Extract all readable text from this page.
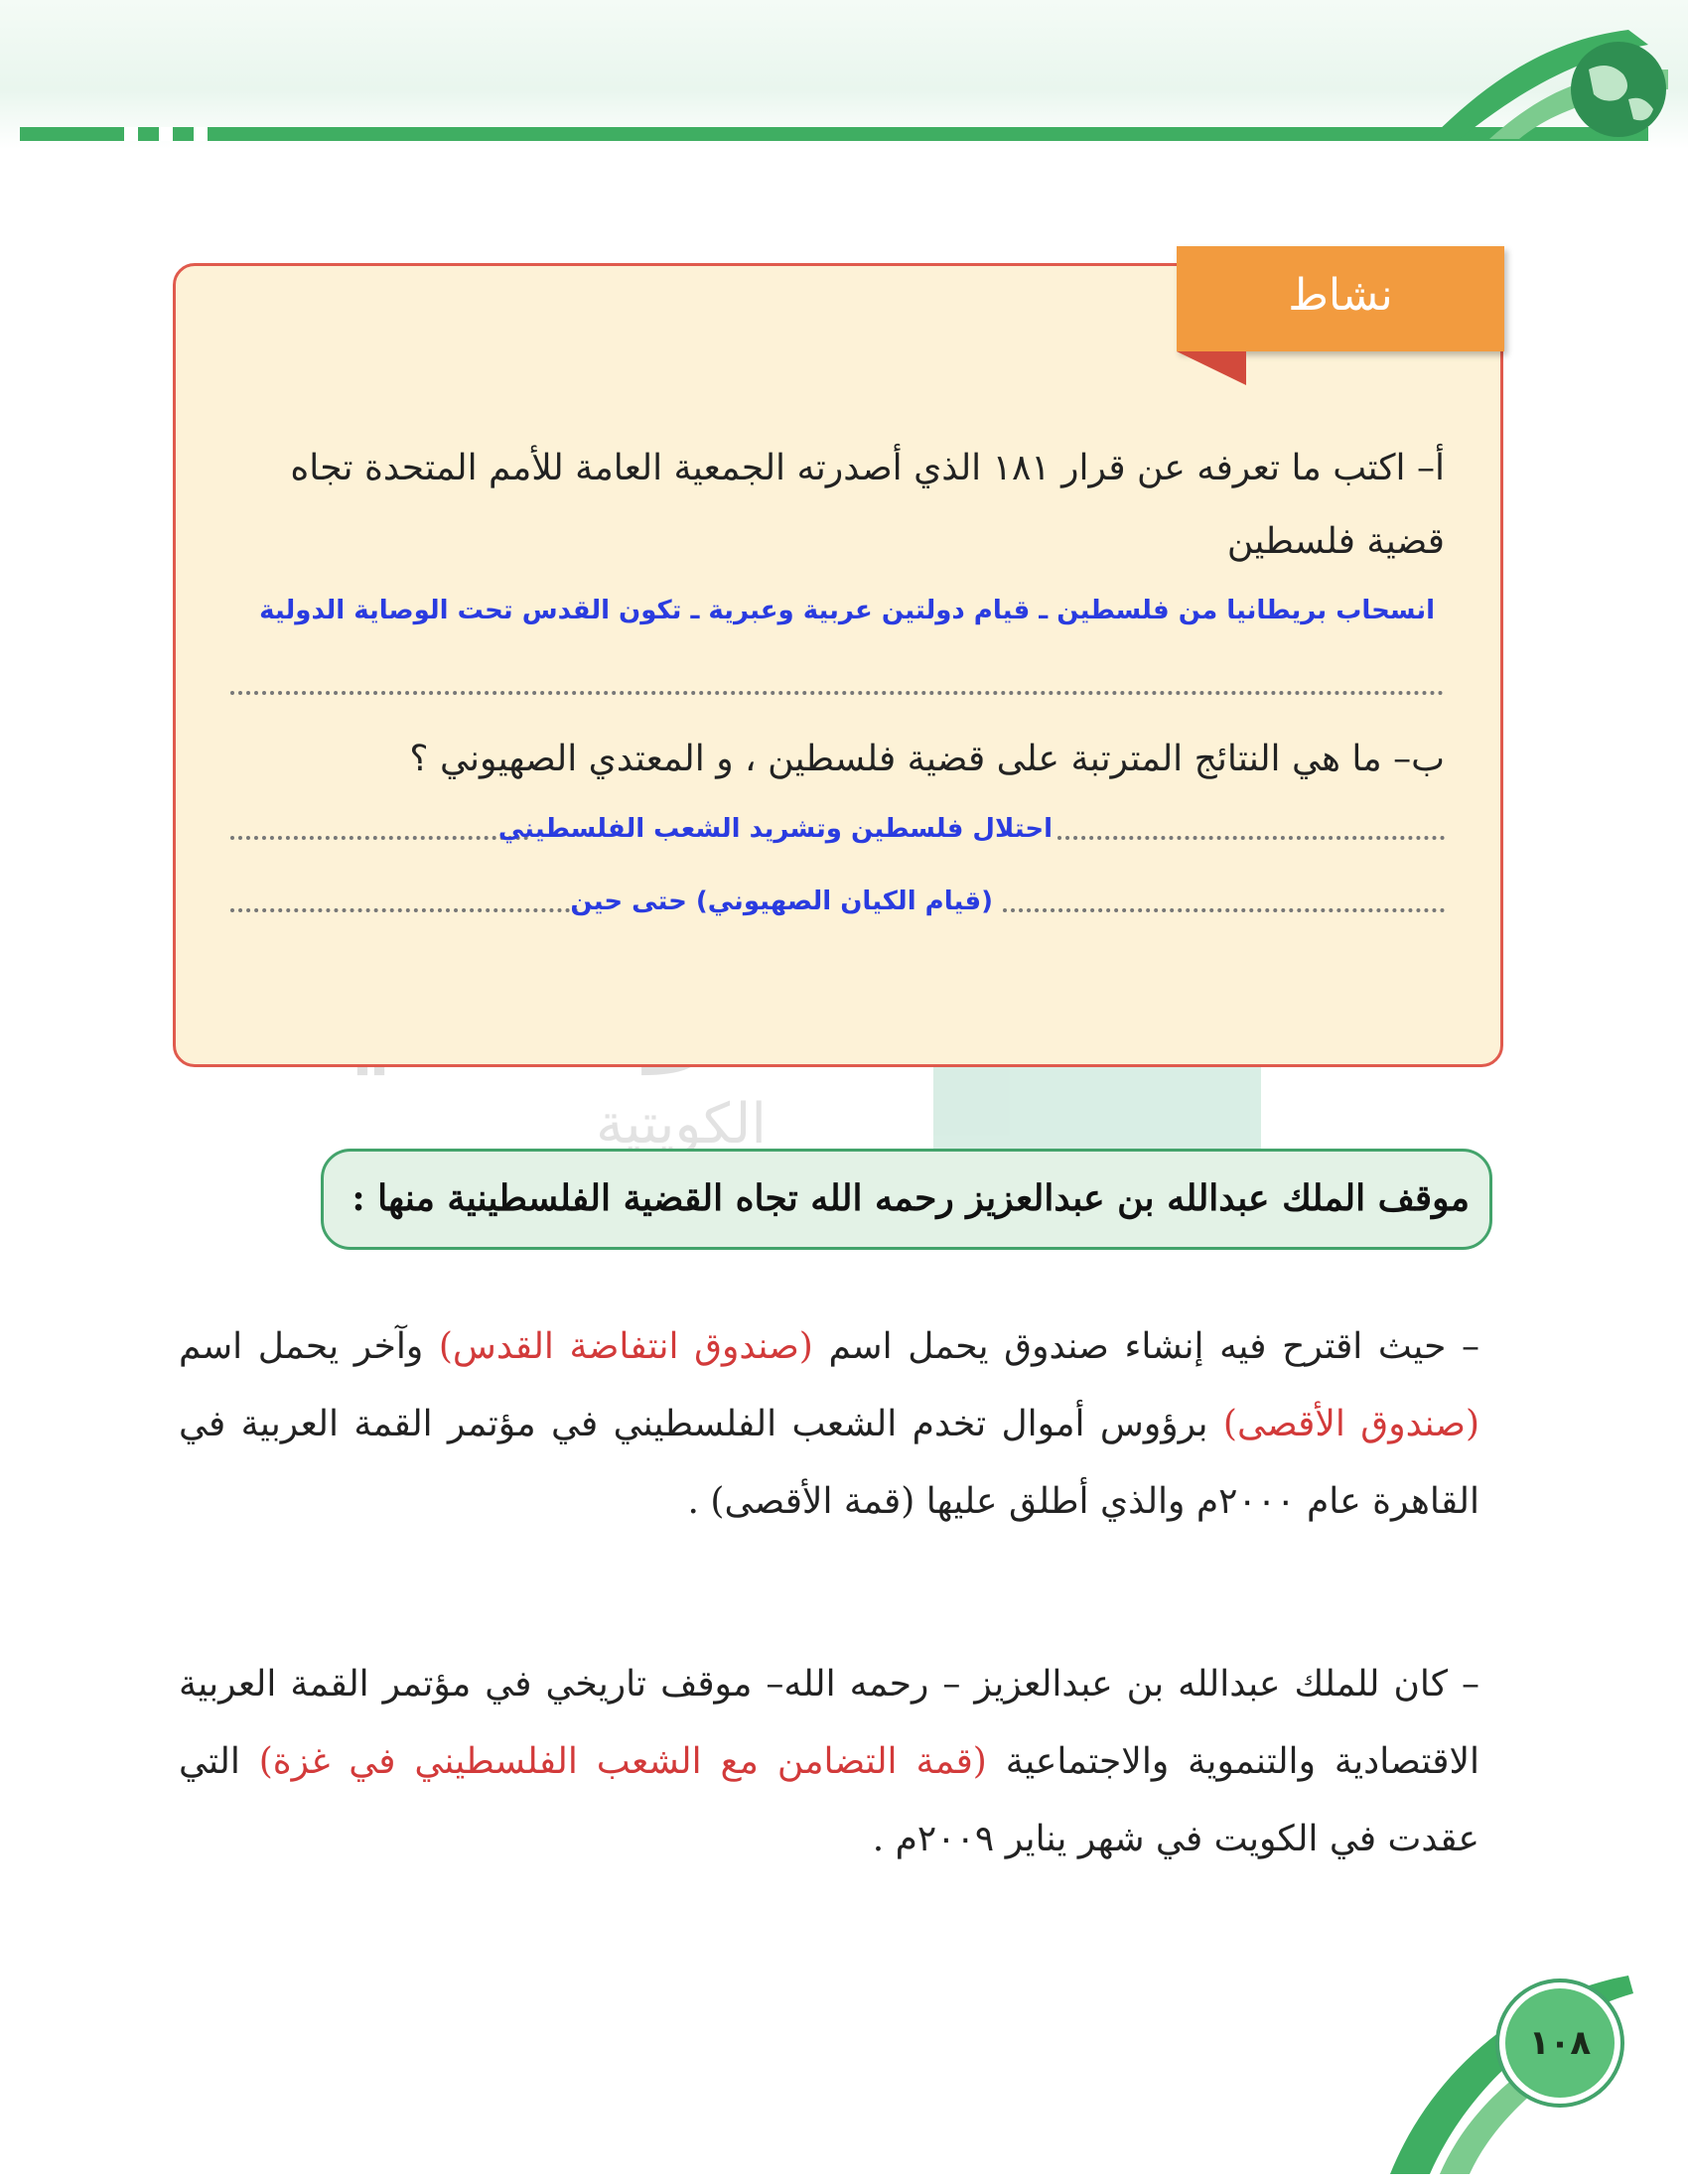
الكويتية
نشاط
أ– اكتب ما تعرفه عن قرار ١٨١ الذي أصدرته الجمعية العامة للأمم المتحدة تجاه قضية فلسطين
انسحاب بريطانيا من فلسطين ـ قيام دولتين عربية وعبرية ـ تكون القدس تحت الوصاية الدولية
ب– ما هي النتائج المترتبة على قضية فلسطين ، و المعتدي الصهيوني ؟
احتلال فلسطين وتشريد الشعب الفلسطيني
(قيام الكيان الصهيوني) حتى حين
موقف الملك عبدالله بن عبدالعزيز رحمه الله تجاه القضية الفلسطينية منها :
– حيث اقترح فيه إنشاء صندوق يحمل اسم (صندوق انتفاضة القدس) وآخر يحمل اسم (صندوق الأقصى) برؤوس أموال تخدم الشعب الفلسطيني في مؤتمر القمة العربية في القاهرة عام ٢٠٠٠م والذي أطلق عليها (قمة الأقصى) .
– كان للملك عبدالله بن عبدالعزيز – رحمه الله– موقف تاريخي في مؤتمر القمة العربية الاقتصادية والتنموية والاجتماعية (قمة التضامن مع الشعب الفلسطيني في غزة) التي عقدت في الكويت في شهر يناير ٢٠٠٩م .
١٠٨
